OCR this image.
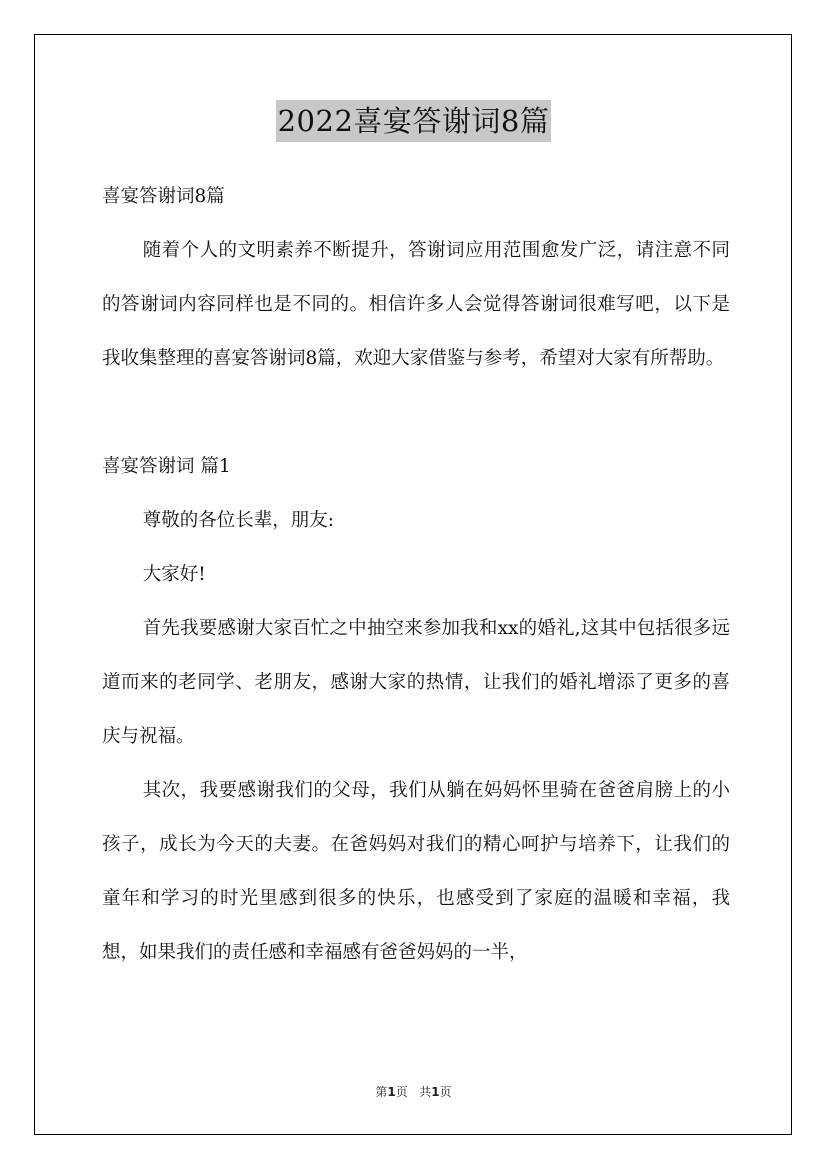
2022喜宴答谢词8篇

喜宴答谢词8篇

随着个人的文明素养不断提升，答谢词应用范围愈发广泛，请注意不同的答谢词内容同样也是不同的。相信许多人会觉得答谢词很难写吧，以下是我收集整理的喜宴答谢词8篇，欢迎大家借鉴与参考，希望对大家有所帮助。

喜宴答谢词 篇1

尊敬的各位长辈，朋友:

大家好!

首先我要感谢大家百忙之中抽空来参加我和xx的婚礼,这其中包括很多远道而来的老同学、老朋友，感谢大家的热情，让我们的婚礼增添了更多的喜庆与祝福。

其次，我要感谢我们的父母，我们从躺在妈妈怀里骑在爸爸肩膀上的小孩子，成长为今天的夫妻。在爸妈妈对我们的精心呵护与培养下，让我们的童年和学习的时光里感到很多的快乐，也感受到了家庭的温暖和幸福，我想，如果我们的责任感和幸福感有爸爸妈妈的一半，

第1页 共1页
